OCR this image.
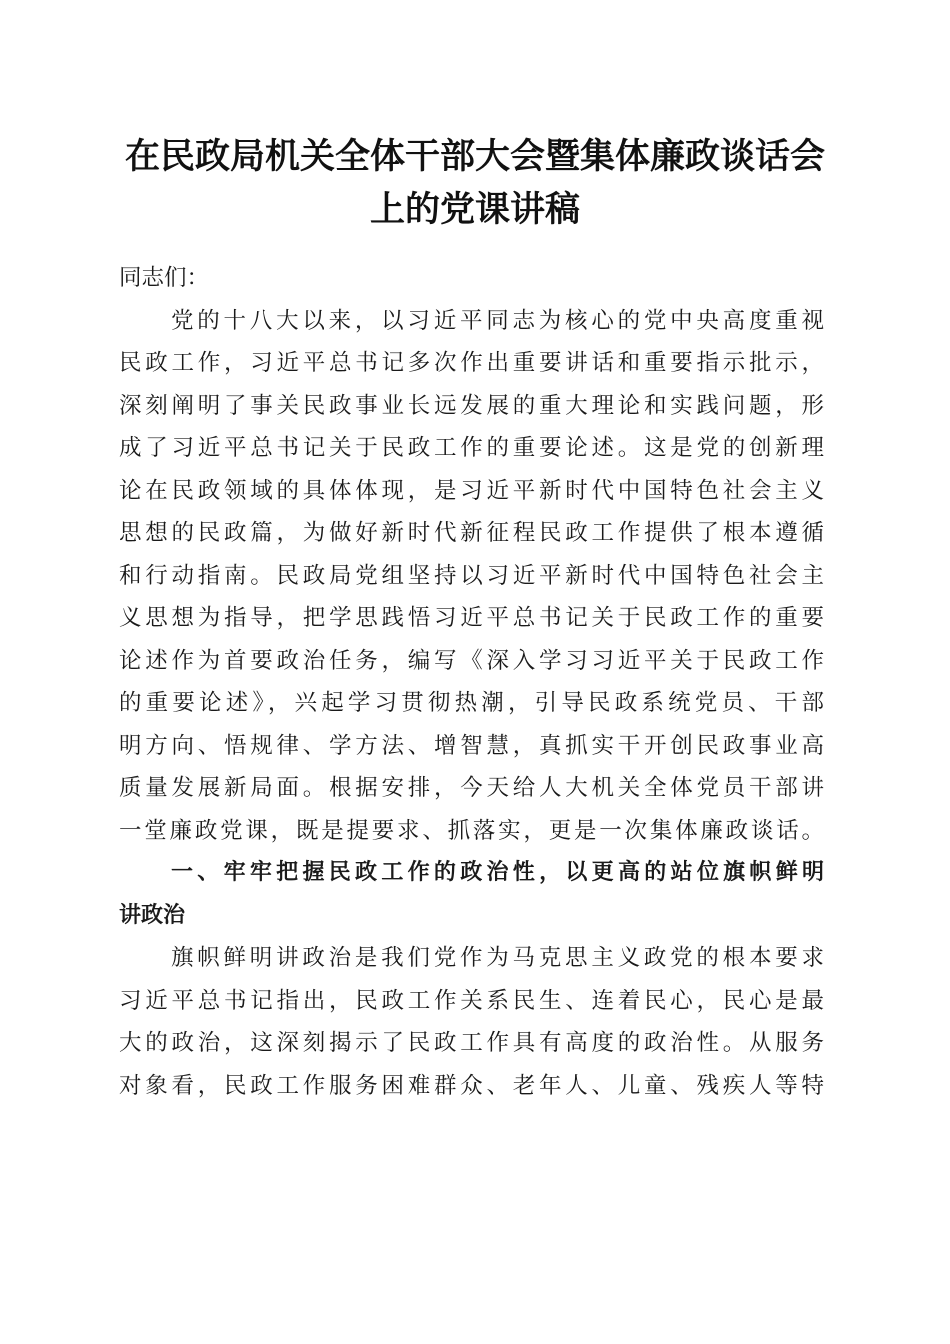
在民政局机关全体干部大会暨集体廉政谈话会
上的党课讲稿
同志们：
党的十八大以来，以习近平同志为核心的党中央高度重视
民政工作，习近平总书记多次作出重要讲话和重要指示批示，
深刻阐明了事关民政事业长远发展的重大理论和实践问题，形
成了习近平总书记关于民政工作的重要论述。这是党的创新理
论在民政领域的具体体现，是习近平新时代中国特色社会主义
思想的民政篇，为做好新时代新征程民政工作提供了根本遵循
和行动指南。民政局党组坚持以习近平新时代中国特色社会主
义思想为指导，把学思践悟习近平总书记关于民政工作的重要
论述作为首要政治任务，编写《深入学习习近平关于民政工作
的重要论述》，兴起学习贯彻热潮，引导民政系统党员、干部
明方向、悟规律、学方法、增智慧，真抓实干开创民政事业高
质量发展新局面。根据安排，今天给人大机关全体党员干部讲
一堂廉政党课，既是提要求、抓落实，更是一次集体廉政谈话。
一、牢牢把握民政工作的政治性，以更高的站位旗帜鲜明
讲政治
旗帜鲜明讲政治是我们党作为马克思主义政党的根本要求
习近平总书记指出，民政工作关系民生、连着民心，民心是最
大的政治，这深刻揭示了民政工作具有高度的政治性。从服务
对象看，民政工作服务困难群众、老年人、儿童、残疾人等特
